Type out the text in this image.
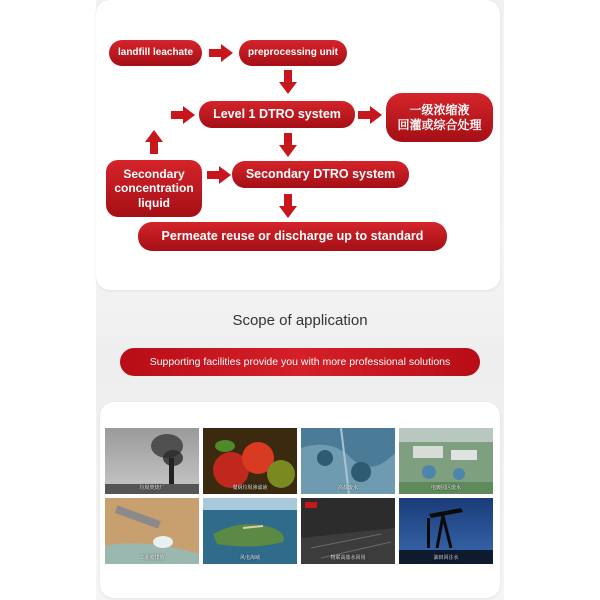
landfill leachate	preprocessing unit
Level 1 DTRO system	一级浓缩液
回灌或综合处理
Secondary
concentration
liquid
Secondary DTRO system
Permeate reuse or discharge up to standard
Scope of application
Supporting facilities provide you with more professional solutions
垃圾焚烧厂	餐厨垃圾渗滤液	高盐废水	电镀园区废水
工业废排放	风电海域	物联高盐水回用	油田回注水
